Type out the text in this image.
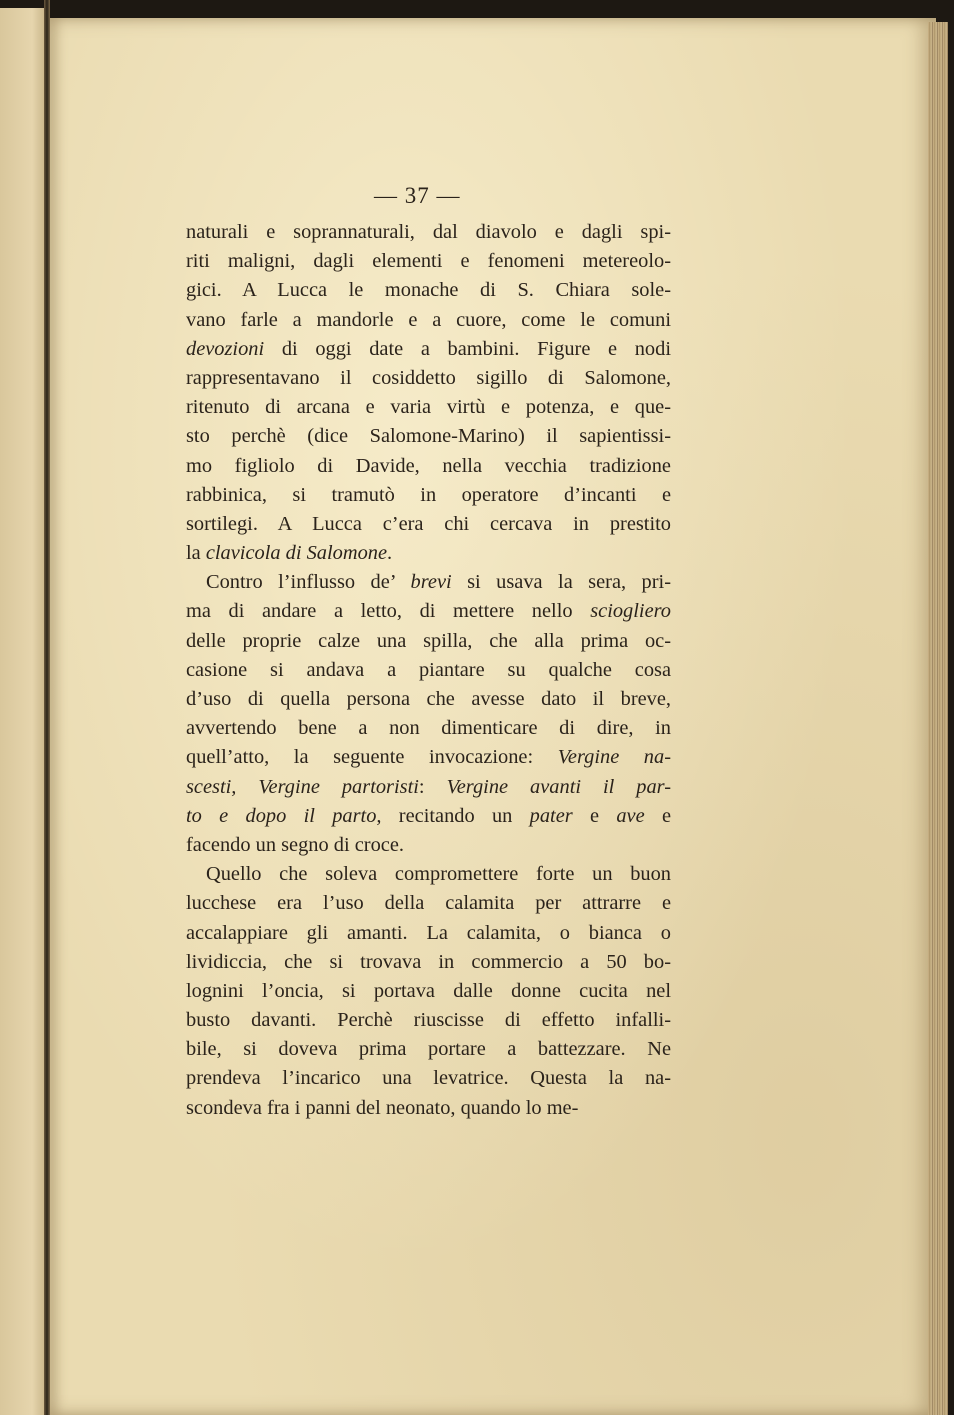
— 37 —
naturali e soprannaturali, dal diavolo e dagli spi-
riti maligni, dagli elementi e fenomeni metereolo-
gici. A Lucca le monache di S. Chiara sole-
vano farle a mandorle e a cuore, come le comuni
devozioni di oggi date a bambini. Figure e nodi
rappresentavano il cosiddetto sigillo di Salomone,
ritenuto di arcana e varia virtù e potenza, e que-
sto perchè (dice Salomone-Marino) il sapientissi-
mo figliolo di Davide, nella vecchia tradizione
rabbinica, si tramutò in operatore d’incanti e
sortilegi. A Lucca c’era chi cercava in prestito
la clavicola di Salomone.
Contro l’influsso de’ brevi si usava la sera, pri-
ma di andare a letto, di mettere nello sciogliero
delle proprie calze una spilla, che alla prima oc-
casione si andava a piantare su qualche cosa
d’uso di quella persona che avesse dato il breve,
avvertendo bene a non dimenticare di dire, in
quell’atto, la seguente invocazione: Vergine na-
scesti, Vergine partoristi: Vergine avanti il par-
to e dopo il parto, recitando un pater e ave e
facendo un segno di croce.
Quello che soleva compromettere forte un buon
lucchese era l’uso della calamita per attrarre e
accalappiare gli amanti. La calamita, o bianca o
lividiccia, che si trovava in commercio a 50 bo-
lognini l’oncia, si portava dalle donne cucita nel
busto davanti. Perchè riuscisse di effetto infalli-
bile, si doveva prima portare a battezzare. Ne
prendeva l’incarico una levatrice. Questa la na-
scondeva fra i panni del neonato, quando lo me-
